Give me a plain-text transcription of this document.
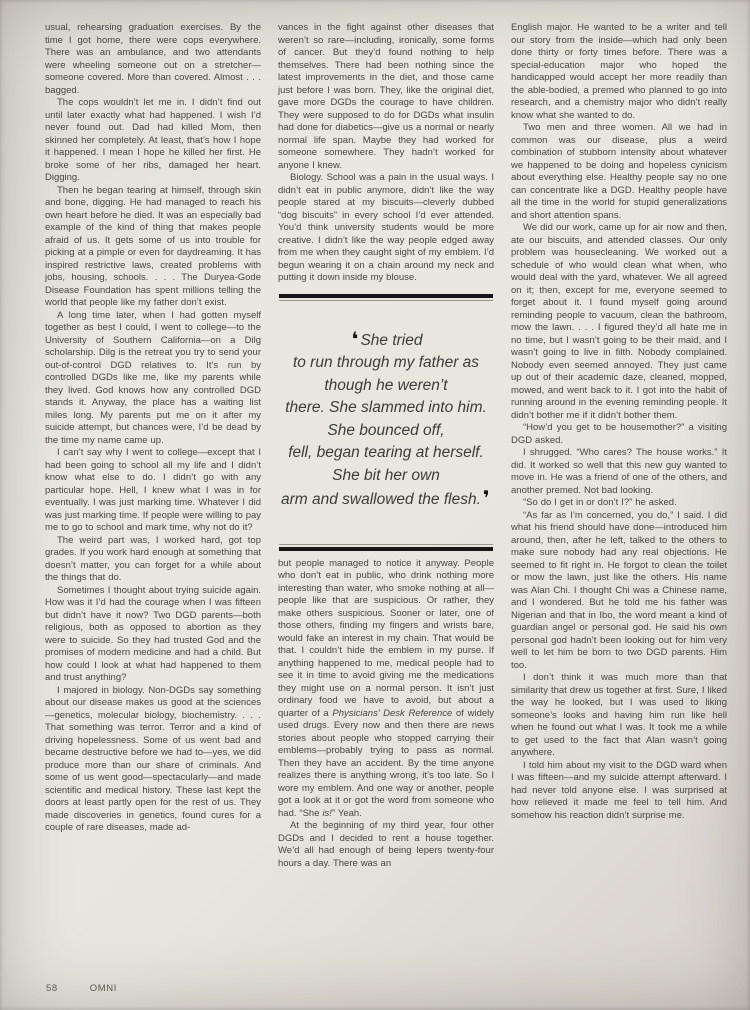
usual, rehearsing graduation exercises. By the time I got home, there were cops everywhere. There was an ambulance, and two attendants were wheeling someone out on a stretcher—someone covered. More than covered. Almost . . . bagged.

The cops wouldn’t let me in. I didn’t find out until later exactly what had happened. I wish I’d never found out. Dad had killed Mom, then skinned her completely. At least, that’s how I hope it happened. I mean I hope he killed her first. He broke some of her ribs, damaged her heart. Digging.

Then he began tearing at himself, through skin and bone, digging. He had managed to reach his own heart before he died. It was an especially bad example of the kind of thing that makes people afraid of us. It gets some of us into trouble for picking at a pimple or even for daydreaming. It has inspired restrictive laws, created problems with jobs, housing, schools. . . . The Duryea-Gode Disease Foundation has spent millions telling the world that people like my father don’t exist.

A long time later, when I had gotten myself together as best I could, I went to college—to the University of Southern California—on a Dilg scholarship. Dilg is the retreat you try to send your out-of-control DGD relatives to. It’s run by controlled DGDs like me, like my parents while they lived. God knows how any controlled DGD stands it. Anyway, the place has a waiting list miles long. My parents put me on it after my suicide attempt, but chances were, I’d be dead by the time my name came up.

I can’t say why I went to college—except that I had been going to school all my life and I didn’t know what else to do. I didn’t go with any particular hope. Hell, I knew what I was in for eventually. I was just marking time. Whatever I did was just marking time. If people were willing to pay me to go to school and mark time, why not do it?

The weird part was, I worked hard, got top grades. If you work hard enough at something that doesn’t matter, you can forget for a while about the things that do.

Sometimes I thought about trying suicide again. How was it I’d had the courage when I was fifteen but didn’t have it now? Two DGD parents—both religious, both as opposed to abortion as they were to suicide. So they had trusted God and the promises of modern medicine and had a child. But how could I look at what had happened to them and trust anything?

I majored in biology. Non-DGDs say something about our disease makes us good at the sciences—genetics, molecular biology, biochemistry. . . . That something was terror. Terror and a kind of driving hopelessness. Some of us went bad and became destructive before we had to—yes, we did produce more than our share of criminals. And some of us went good—spectacularly—and made scientific and medical history. These last kept the doors at least partly open for the rest of us. They made discoveries in genetics, found cures for a couple of rare diseases, made ad-

vances in the fight against other diseases that weren’t so rare—including, ironically, some forms of cancer. But they’d found nothing to help themselves. There had been nothing since the latest improvements in the diet, and those came just before I was born. They, like the original diet, gave more DGDs the courage to have children. They were supposed to do for DGDs what insulin had done for diabetics—give us a normal or nearly normal life span. Maybe they had worked for someone somewhere. They hadn’t worked for anyone I knew.

Biology. School was a pain in the usual ways. I didn’t eat in public anymore, didn’t like the way people stared at my biscuits—cleverly dubbed “dog biscuits” in every school I’d ever attended. You’d think university students would be more creative. I didn’t like the way people edged away from me when they caught sight of my emblem. I’d begun wearing it on a chain around my neck and putting it down inside my blouse.

❛ She tried
to run through my father as
though he weren’t
there. She slammed into him.
She bounced off,
fell, began tearing at herself.
She bit her own
arm and swallowed the flesh. ❜

but people managed to notice it anyway. People who don’t eat in public, who drink nothing more interesting than water, who smoke nothing at all—people like that are suspicious. Or rather, they make others suspicious. Sooner or later, one of those others, finding my fingers and wrists bare, would fake an interest in my chain. That would be that. I couldn’t hide the emblem in my purse. If anything happened to me, medical people had to see it in time to avoid giving me the medications they might use on a normal person. It isn’t just ordinary food we have to avoid, but about a quarter of a Physicians’ Desk Reference of widely used drugs. Every now and then there are news stories about people who stopped carrying their emblems—probably trying to pass as normal. Then they have an accident. By the time anyone realizes there is anything wrong, it’s too late. So I wore my emblem. And one way or another, people got a look at it or got the word from someone who had. “She is!” Yeah.

At the beginning of my third year, four other DGDs and I decided to rent a house together. We’d all had enough of being lepers twenty-four hours a day. There was an

English major. He wanted to be a writer and tell our story from the inside—which had only been done thirty or forty times before. There was a special-education major who hoped the handicapped would accept her more readily than the able-bodied, a premed who planned to go into research, and a chemistry major who didn’t really know what she wanted to do.

Two men and three women. All we had in common was our disease, plus a weird combination of stubborn intensity about whatever we happened to be doing and hopeless cynicism about everything else. Healthy people say no one can concentrate like a DGD. Healthy people have all the time in the world for stupid generalizations and short attention spans.

We did our work, came up for air now and then, ate our biscuits, and attended classes. Our only problem was housecleaning. We worked out a schedule of who would clean what when, who would deal with the yard, whatever. We all agreed on it; then, except for me, everyone seemed to forget about it. I found myself going around reminding people to vacuum, clean the bathroom, mow the lawn. . . . I figured they’d all hate me in no time, but I wasn’t going to be their maid, and I wasn’t going to live in filth. Nobody complained. Nobody even seemed annoyed. They just came up out of their academic daze, cleaned, mopped, mowed, and went back to it. I got into the habit of running around in the evening reminding people. It didn’t bother me if it didn’t bother them.

“How’d you get to be housemother?” a visiting DGD asked.

I shrugged. “Who cares? The house works.” It did. It worked so well that this new guy wanted to move in. He was a friend of one of the others, and another premed. Not bad looking.

“So do I get in or don’t I?” he asked.

“As far as I’m concerned, you do,” I said. I did what his friend should have done—introduced him around, then, after he left, talked to the others to make sure nobody had any real objections. He seemed to fit right in. He forgot to clean the toilet or mow the lawn, just like the others. His name was Alan Chi. I thought Chi was a Chinese name, and I wondered. But he told me his father was Nigerian and that in Ibo, the word meant a kind of guardian angel or personal god. He said his own personal god hadn’t been looking out for him very well to let him be born to two DGD parents. Him too.

I don’t think it was much more than that similarity that drew us together at first. Sure, I liked the way he looked, but I was used to liking someone’s looks and having him run like hell when he found out what I was. It took me a while to get used to the fact that Alan wasn’t going anywhere.

I told him about my visit to the DGD ward when I was fifteen—and my suicide attempt afterward. I had never told anyone else. I was surprised at how relieved it made me feel to tell him. And somehow his reaction didn’t surprise me.

58	OMNI
